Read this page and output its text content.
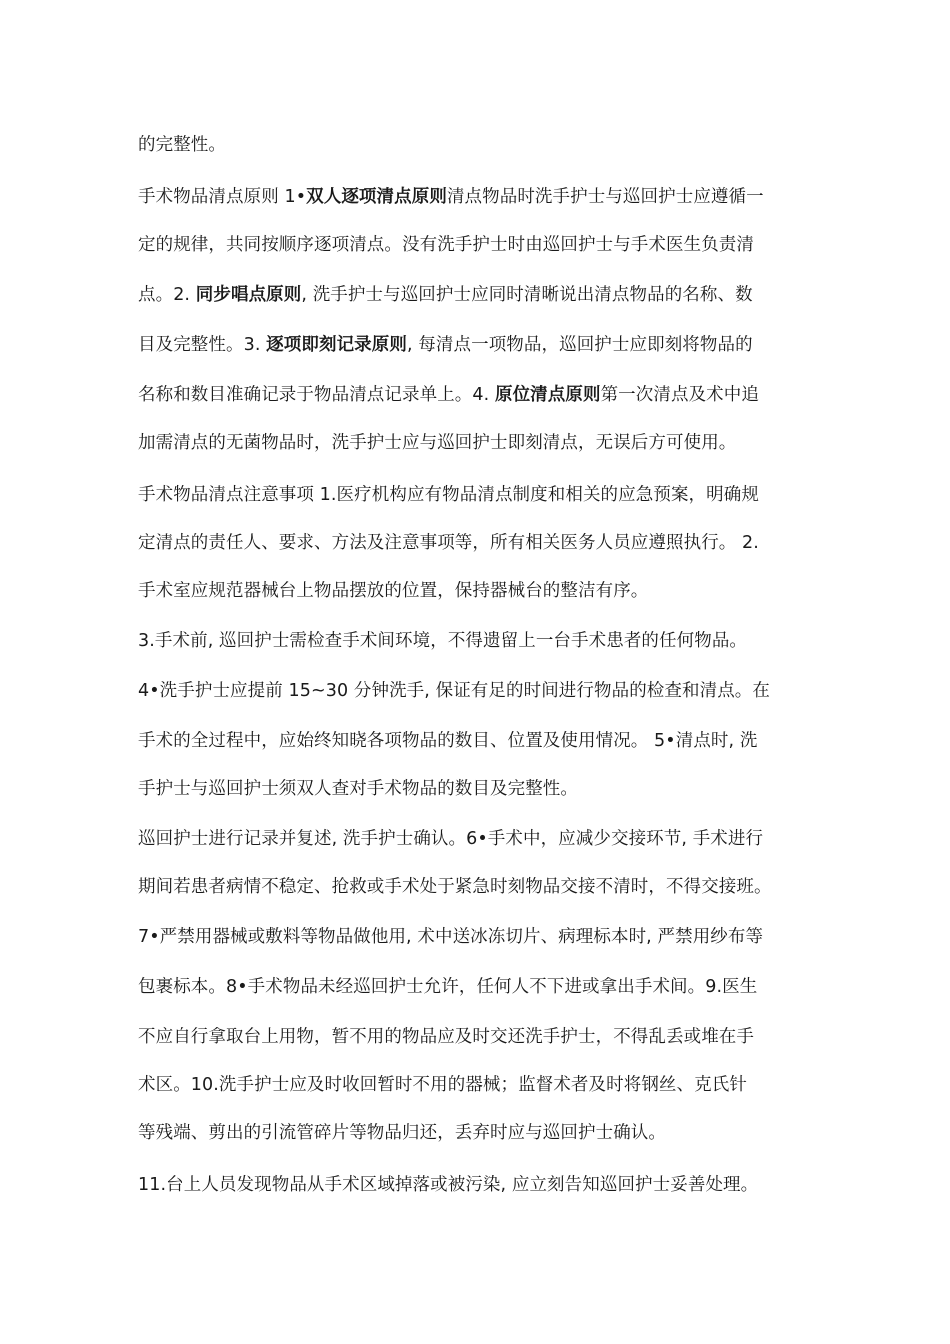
的完整性。
手术物品清点原则 1•双人逐项清点原则清点物品时洗手护士与巡回护士应遵循一
定的规律，共同按顺序逐项清点。没有洗手护士时由巡回护士与手术医生负责清
点。2. 同步唱点原则, 洗手护士与巡回护士应同时清晰说出清点物品的名称、数
目及完整性。3. 逐项即刻记录原则, 每清点一项物品，巡回护士应即刻将物品的
名称和数目准确记录于物品清点记录单上。4. 原位清点原则第一次清点及术中追
加需清点的无菌物品时，洗手护士应与巡回护士即刻清点，无误后方可使用。
手术物品清点注意事项 1.医疗机构应有物品清点制度和相关的应急预案，明确规
定清点的责任人、要求、方法及注意事项等，所有相关医务人员应遵照执行。 2.
手术室应规范器械台上物品摆放的位置，保持器械台的整洁有序。
3.手术前, 巡回护士需检查手术间环境，不得遗留上一台手术患者的任何物品。
4•洗手护士应提前 15~30 分钟洗手, 保证有足的时间进行物品的检查和清点。在
手术的全过程中，应始终知晓各项物品的数目、位置及使用情况。 5•清点时, 洗
手护士与巡回护士须双人查对手术物品的数目及完整性。
巡回护士进行记录并复述, 洗手护士确认。6•手术中，应减少交接环节, 手术进行
期间若患者病情不稳定、抢救或手术处于紧急时刻物品交接不清时，不得交接班。
7•严禁用器械或敷料等物品做他用, 术中送冰冻切片、病理标本时, 严禁用纱布等
包裹标本。8•手术物品未经巡回护士允许，任何人不下进或拿出手术间。9.医生
不应自行拿取台上用物，暂不用的物品应及时交还洗手护士，不得乱丢或堆在手
术区。10.洗手护士应及时收回暂时不用的器械；监督术者及时将钢丝、克氏针
等残端、剪出的引流管碎片等物品归还，丢弃时应与巡回护士确认。
11.台上人员发现物品从手术区域掉落或被污染, 应立刻告知巡回护士妥善处理。
